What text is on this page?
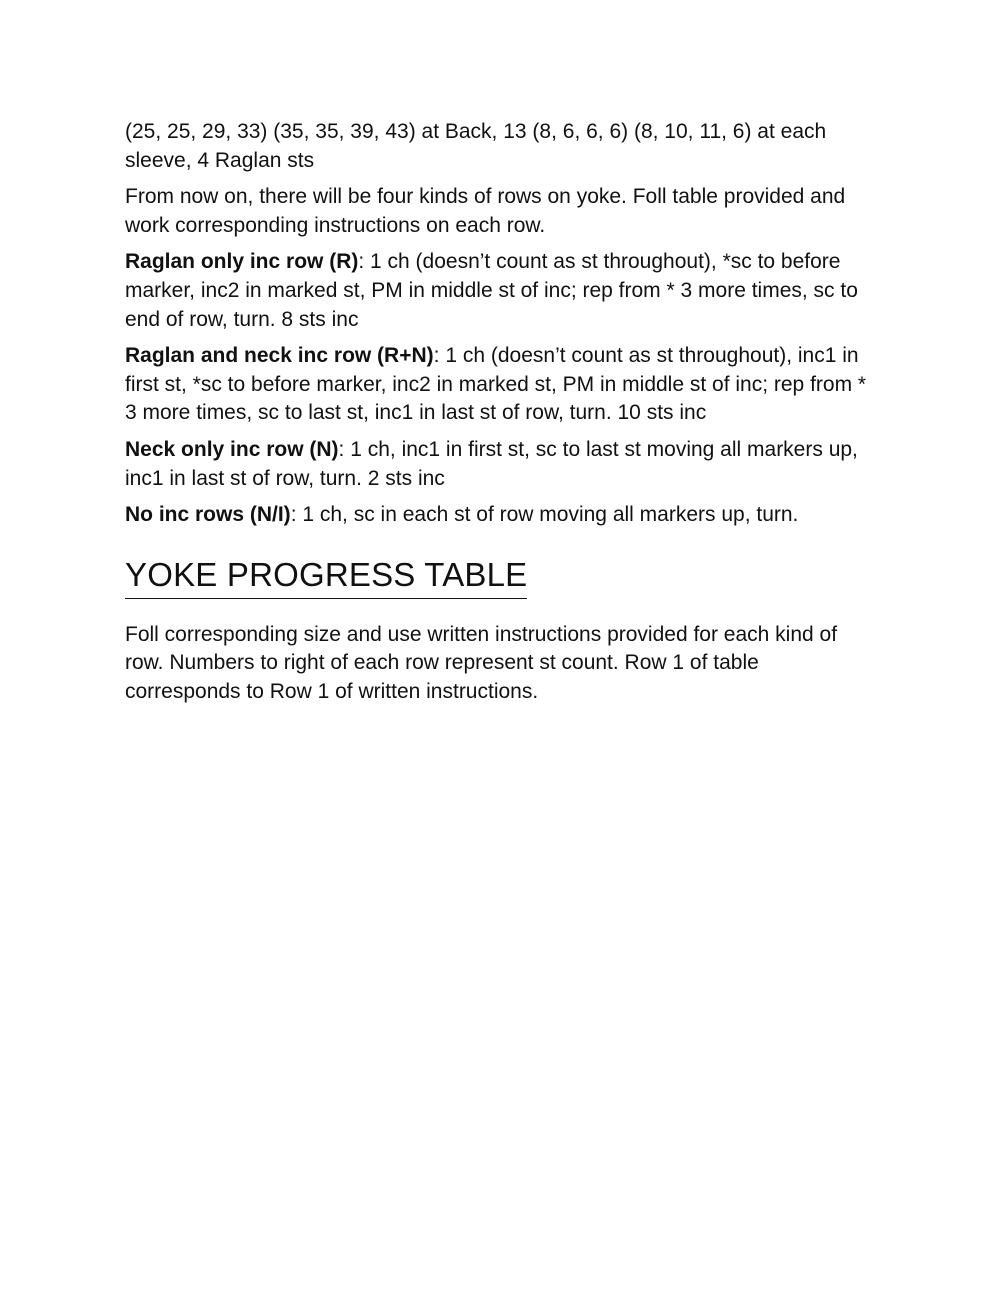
(25, 25, 29, 33) (35, 35, 39, 43) at Back, 13 (8, 6, 6, 6) (8, 10, 11, 6) at each sleeve, 4 Raglan sts

From now on, there will be four kinds of rows on yoke. Foll table provided and work corresponding instructions on each row.

Raglan only inc row (R): 1 ch (doesn’t count as st throughout), *sc to before marker, inc2 in marked st, PM in middle st of inc; rep from * 3 more times, sc to end of row, turn. 8 sts inc

Raglan and neck inc row (R+N): 1 ch (doesn’t count as st throughout), inc1 in first st, *sc to before marker, inc2 in marked st, PM in middle st of inc; rep from * 3 more times, sc to last st, inc1 in last st of row, turn. 10 sts inc

Neck only inc row (N): 1 ch, inc1 in first st, sc to last st moving all markers up, inc1 in last st of row, turn. 2 sts inc

No inc rows (N/I): 1 ch, sc in each st of row moving all markers up, turn.

YOKE PROGRESS TABLE

Foll corresponding size and use written instructions provided for each kind of row. Numbers to right of each row represent st count. Row 1 of table corresponds to Row 1 of written instructions.
